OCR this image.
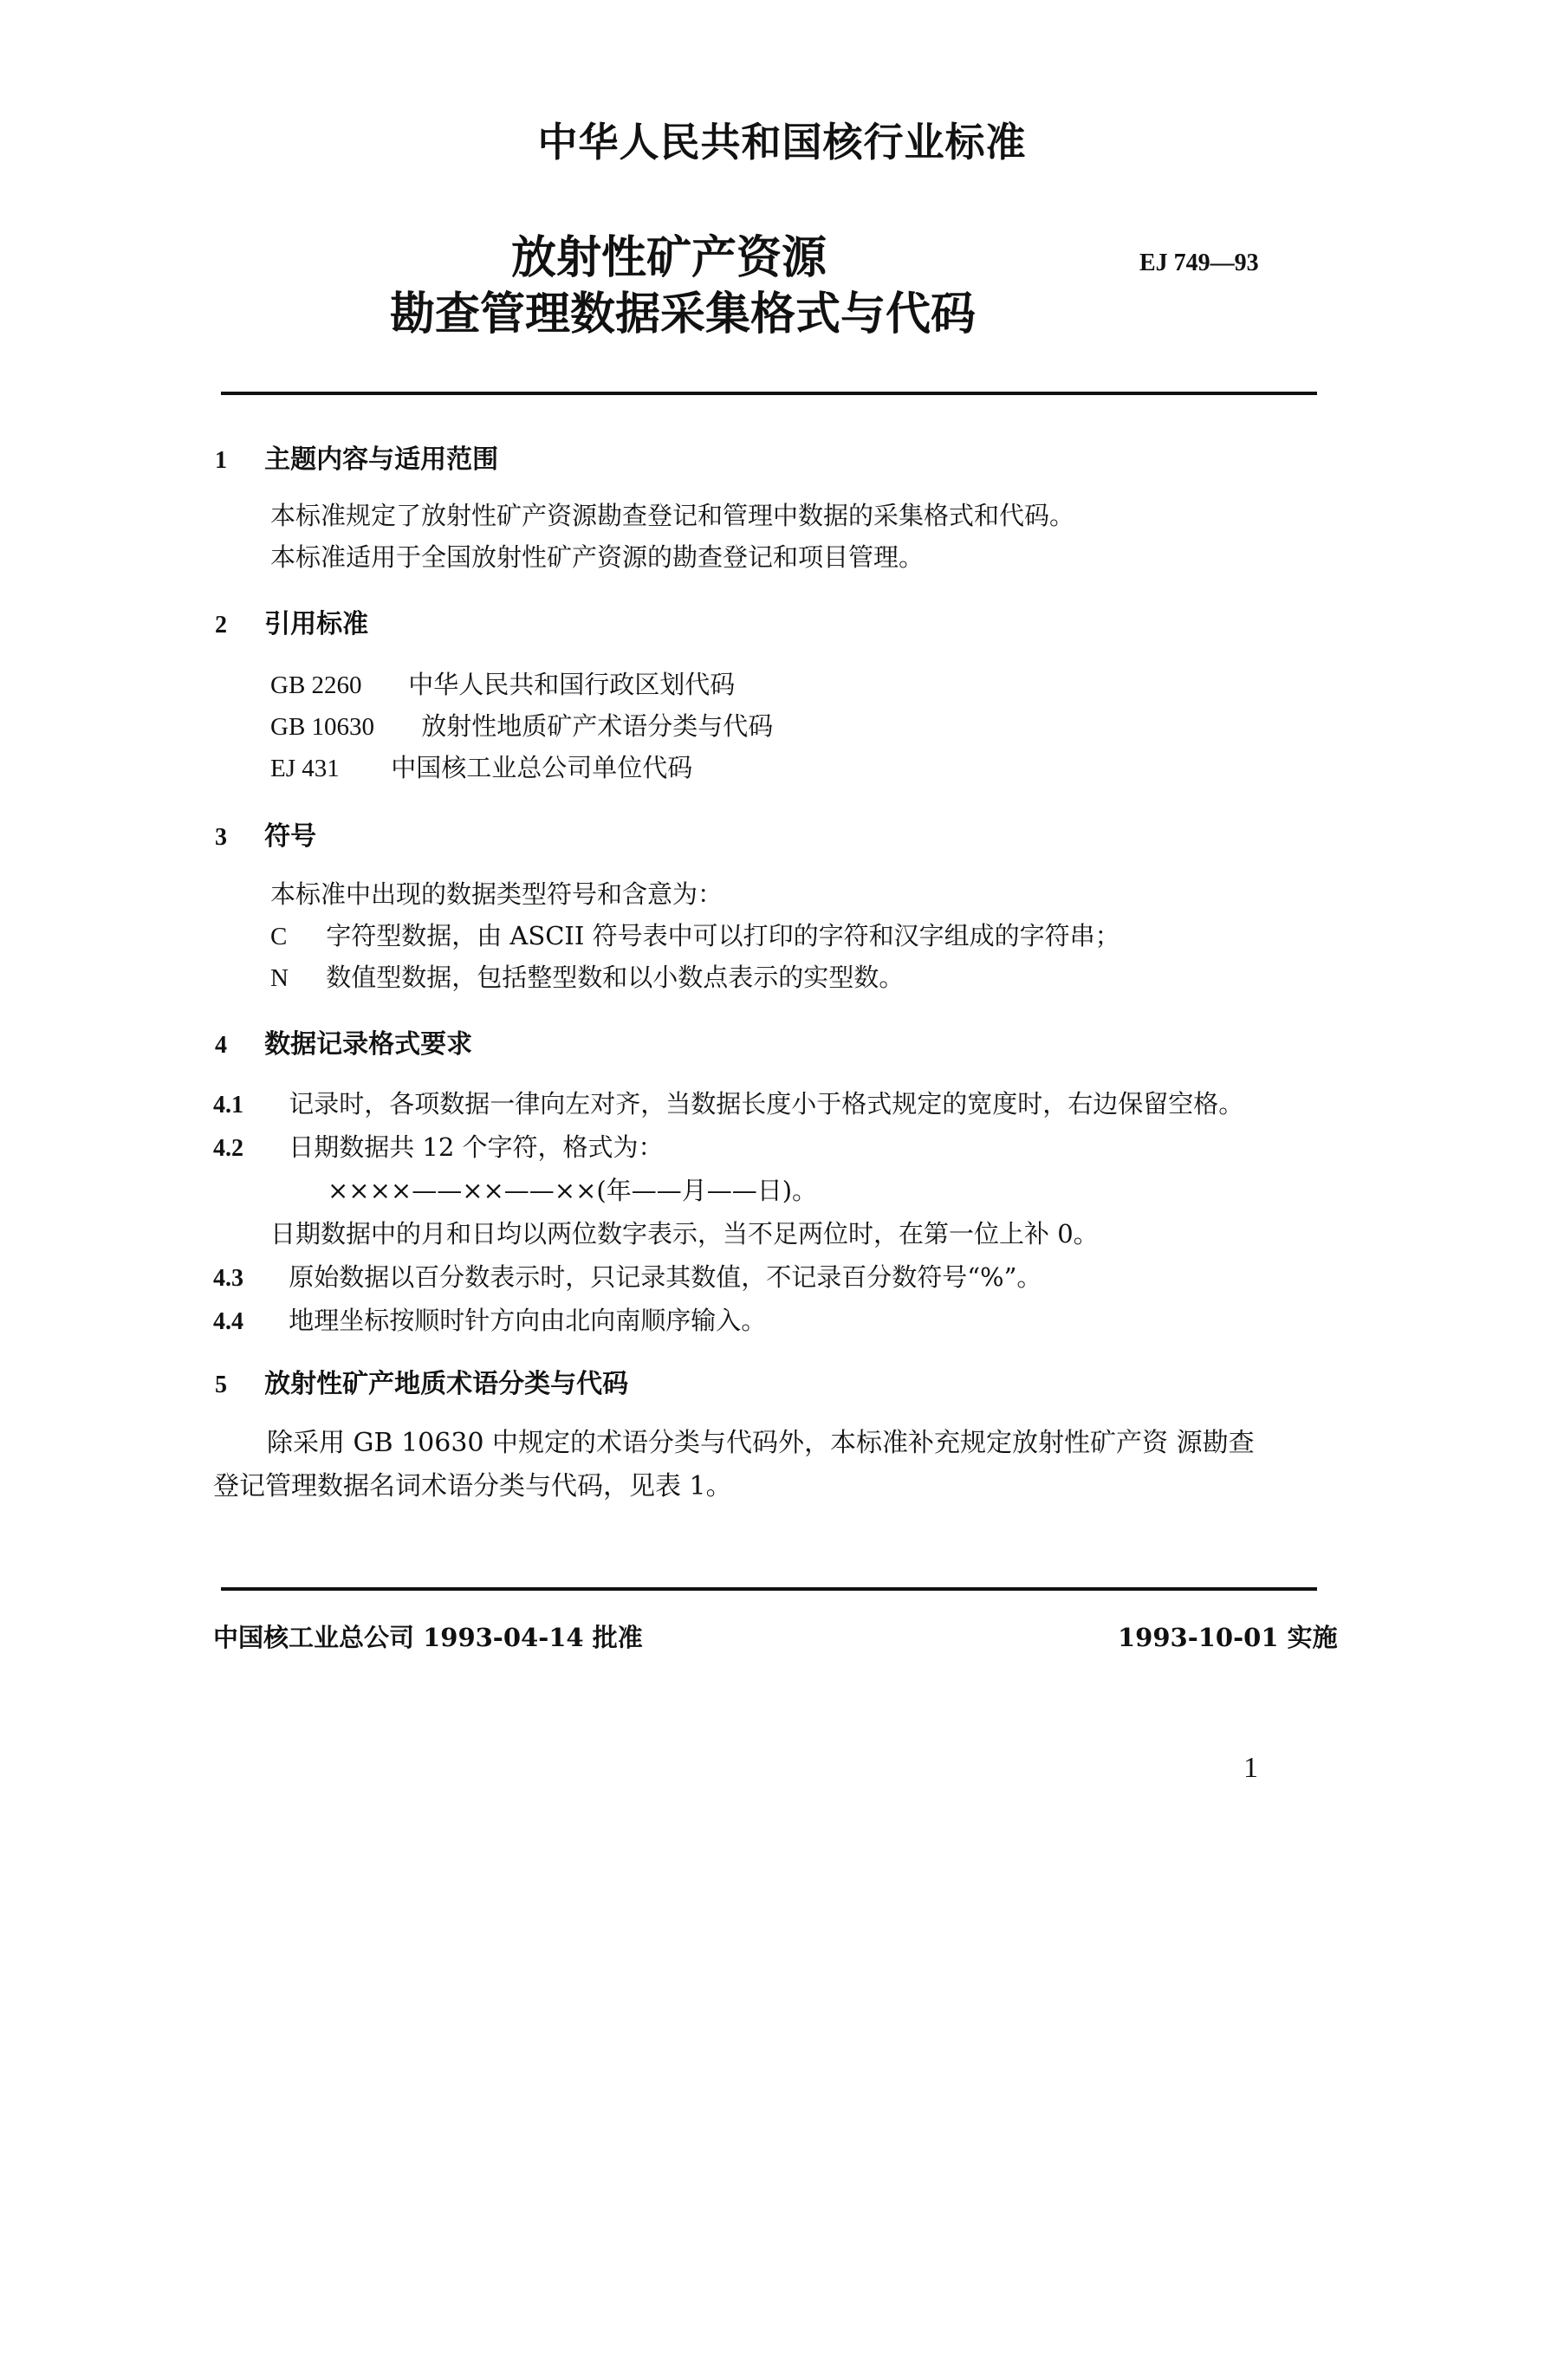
中华人民共和国核行业标准
放射性矿产资源
勘查管理数据采集格式与代码
EJ 749—93
1 主题内容与适用范围
本标准规定了放射性矿产资源勘查登记和管理中数据的采集格式和代码。
本标准适用于全国放射性矿产资源的勘查登记和项目管理。
2 引用标准
GB 2260 中华人民共和国行政区划代码
GB 10630 放射性地质矿产术语分类与代码
EJ 431 中国核工业总公司单位代码
3 符号
本标准中出现的数据类型符号和含意为：
C 字符型数据，由 ASCII 符号表中可以打印的字符和汉字组成的字符串；
N 数值型数据，包括整型数和以小数点表示的实型数。
4 数据记录格式要求
4.1 记录时，各项数据一律向左对齐，当数据长度小于格式规定的宽度时，右边保留空格。
4.2 日期数据共 12 个字符，格式为：
××××——××——××(年——月——日)。
日期数据中的月和日均以两位数字表示，当不足两位时，在第一位上补 0。
4.3 原始数据以百分数表示时，只记录其数值，不记录百分数符号“%”。
4.4 地理坐标按顺时针方向由北向南顺序输入。
5 放射性矿产地质术语分类与代码
除采用 GB 10630 中规定的术语分类与代码外，本标准补充规定放射性矿产资 源勘查
登记管理数据名词术语分类与代码，见表 1。
中国核工业总公司 1993-04-14 批准	1993-10-01 实施
1
